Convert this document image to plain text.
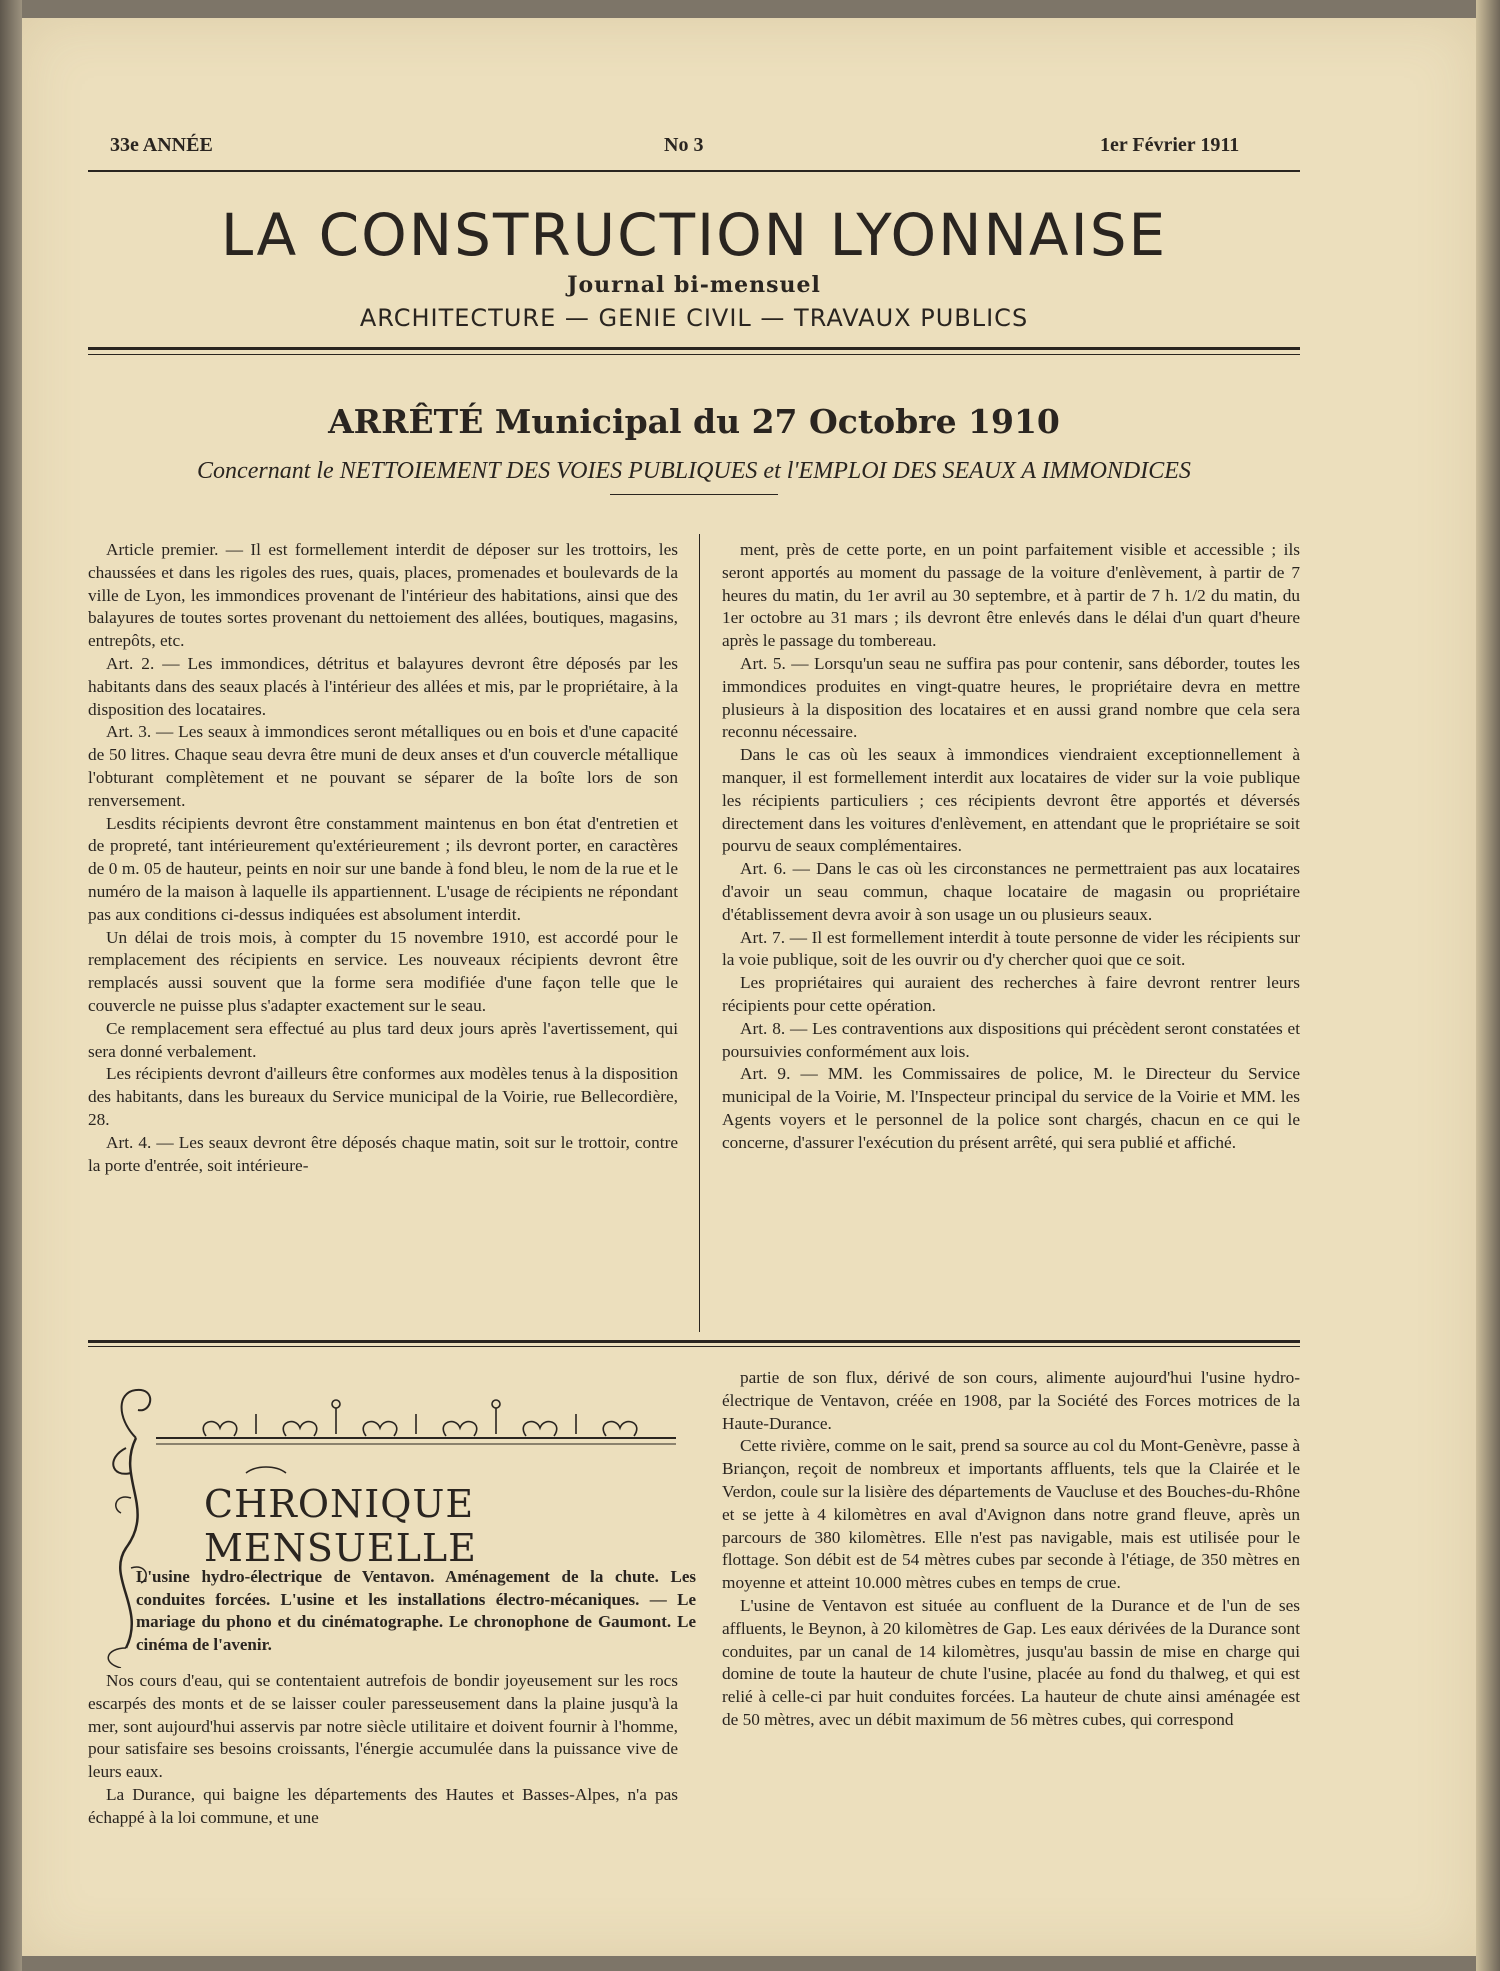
33e ANNÉE	No 3	1er Février 1911
LA CONSTRUCTION LYONNAISE
Journal bi-mensuel
ARCHITECTURE — GENIE CIVIL — TRAVAUX PUBLICS
ARRÊTÉ Municipal du 27 Octobre 1910
Concernant le NETTOIEMENT DES VOIES PUBLIQUES et l'EMPLOI DES SEAUX A IMMONDICES

Article premier. — Il est formellement interdit de déposer sur les trottoirs, les chaussées et dans les rigoles des rues, quais, places, promenades et boulevards de la ville de Lyon, les immondices provenant de l'intérieur des habitations, ainsi que des balayures de toutes sortes provenant du nettoiement des allées, boutiques, magasins, entrepôts, etc.

Art. 2. — Les immondices, détritus et balayures devront être déposés par les habitants dans des seaux placés à l'intérieur des allées et mis, par le propriétaire, à la disposition des locataires.

Art. 3. — Les seaux à immondices seront métalliques ou en bois et d'une capacité de 50 litres. Chaque seau devra être muni de deux anses et d'un couvercle métallique l'obturant complètement et ne pouvant se séparer de la boîte lors de son renversement.

Lesdits récipients devront être constamment maintenus en bon état d'entretien et de propreté, tant intérieurement qu'extérieurement ; ils devront porter, en caractères de 0 m. 05 de hauteur, peints en noir sur une bande à fond bleu, le nom de la rue et le numéro de la maison à laquelle ils appartiennent. L'usage de récipients ne répondant pas aux conditions ci-dessus indiquées est absolument interdit.

Un délai de trois mois, à compter du 15 novembre 1910, est accordé pour le remplacement des récipients en service. Les nouveaux récipients devront être remplacés aussi souvent que la forme sera modifiée d'une façon telle que le couvercle ne puisse plus s'adapter exactement sur le seau.

Ce remplacement sera effectué au plus tard deux jours après l'avertissement, qui sera donné verbalement.

Les récipients devront d'ailleurs être conformes aux modèles tenus à la disposition des habitants, dans les bureaux du Service municipal de la Voirie, rue Bellecordière, 28.

Art. 4. — Les seaux devront être déposés chaque matin, soit sur le trottoir, contre la porte d'entrée, soit intérieure-

ment, près de cette porte, en un point parfaitement visible et accessible ; ils seront apportés au moment du passage de la voiture d'enlèvement, à partir de 7 heures du matin, du 1er avril au 30 septembre, et à partir de 7 h. 1/2 du matin, du 1er octobre au 31 mars ; ils devront être enlevés dans le délai d'un quart d'heure après le passage du tombereau.

Art. 5. — Lorsqu'un seau ne suffira pas pour contenir, sans déborder, toutes les immondices produites en vingt-quatre heures, le propriétaire devra en mettre plusieurs à la disposition des locataires et en aussi grand nombre que cela sera reconnu nécessaire.

Dans le cas où les seaux à immondices viendraient exceptionnellement à manquer, il est formellement interdit aux locataires de vider sur la voie publique les récipients particuliers ; ces récipients devront être apportés et déversés directement dans les voitures d'enlèvement, en attendant que le propriétaire se soit pourvu de seaux complémentaires.

Art. 6. — Dans le cas où les circonstances ne permettraient pas aux locataires d'avoir un seau commun, chaque locataire de magasin ou propriétaire d'établissement devra avoir à son usage un ou plusieurs seaux.

Art. 7. — Il est formellement interdit à toute personne de vider les récipients sur la voie publique, soit de les ouvrir ou d'y chercher quoi que ce soit.

Les propriétaires qui auraient des recherches à faire devront rentrer leurs récipients pour cette opération.

Art. 8. — Les contraventions aux dispositions qui précèdent seront constatées et poursuivies conformément aux lois.

Art. 9. — MM. les Commissaires de police, M. le Directeur du Service municipal de la Voirie, M. l'Inspecteur principal du service de la Voirie et MM. les Agents voyers et le personnel de la police sont chargés, chacun en ce qui le concerne, d'assurer l'exécution du présent arrêté, qui sera publié et affiché.

CHRONIQUE MENSUELLE
L'usine hydro-électrique de Ventavon. Aménagement de la chute. Les conduites forcées. L'usine et les installations électro-mécaniques. — Le mariage du phono et du cinématographe. Le chronophone de Gaumont. Le cinéma de l'avenir.

Nos cours d'eau, qui se contentaient autrefois de bondir joyeusement sur les rocs escarpés des monts et de se laisser couler paresseusement dans la plaine jusqu'à la mer, sont aujourd'hui asservis par notre siècle utilitaire et doivent fournir à l'homme, pour satisfaire ses besoins croissants, l'énergie accumulée dans la puissance vive de leurs eaux.

La Durance, qui baigne les départements des Hautes et Basses-Alpes, n'a pas échappé à la loi commune, et une

partie de son flux, dérivé de son cours, alimente aujourd'hui l'usine hydro-électrique de Ventavon, créée en 1908, par la Société des Forces motrices de la Haute-Durance.

Cette rivière, comme on le sait, prend sa source au col du Mont-Genèvre, passe à Briançon, reçoit de nombreux et importants affluents, tels que la Clairée et le Verdon, coule sur la lisière des départements de Vaucluse et des Bouches-du-Rhône et se jette à 4 kilomètres en aval d'Avignon dans notre grand fleuve, après un parcours de 380 kilomètres. Elle n'est pas navigable, mais est utilisée pour le flottage. Son débit est de 54 mètres cubes par seconde à l'étiage, de 350 mètres en moyenne et atteint 10.000 mètres cubes en temps de crue.

L'usine de Ventavon est située au confluent de la Durance et de l'un de ses affluents, le Beynon, à 20 kilomètres de Gap. Les eaux dérivées de la Durance sont conduites, par un canal de 14 kilomètres, jusqu'au bassin de mise en charge qui domine de toute la hauteur de chute l'usine, placée au fond du thalweg, et qui est relié à celle-ci par huit conduites forcées. La hauteur de chute ainsi aménagée est de 50 mètres, avec un débit maximum de 56 mètres cubes, qui correspond
